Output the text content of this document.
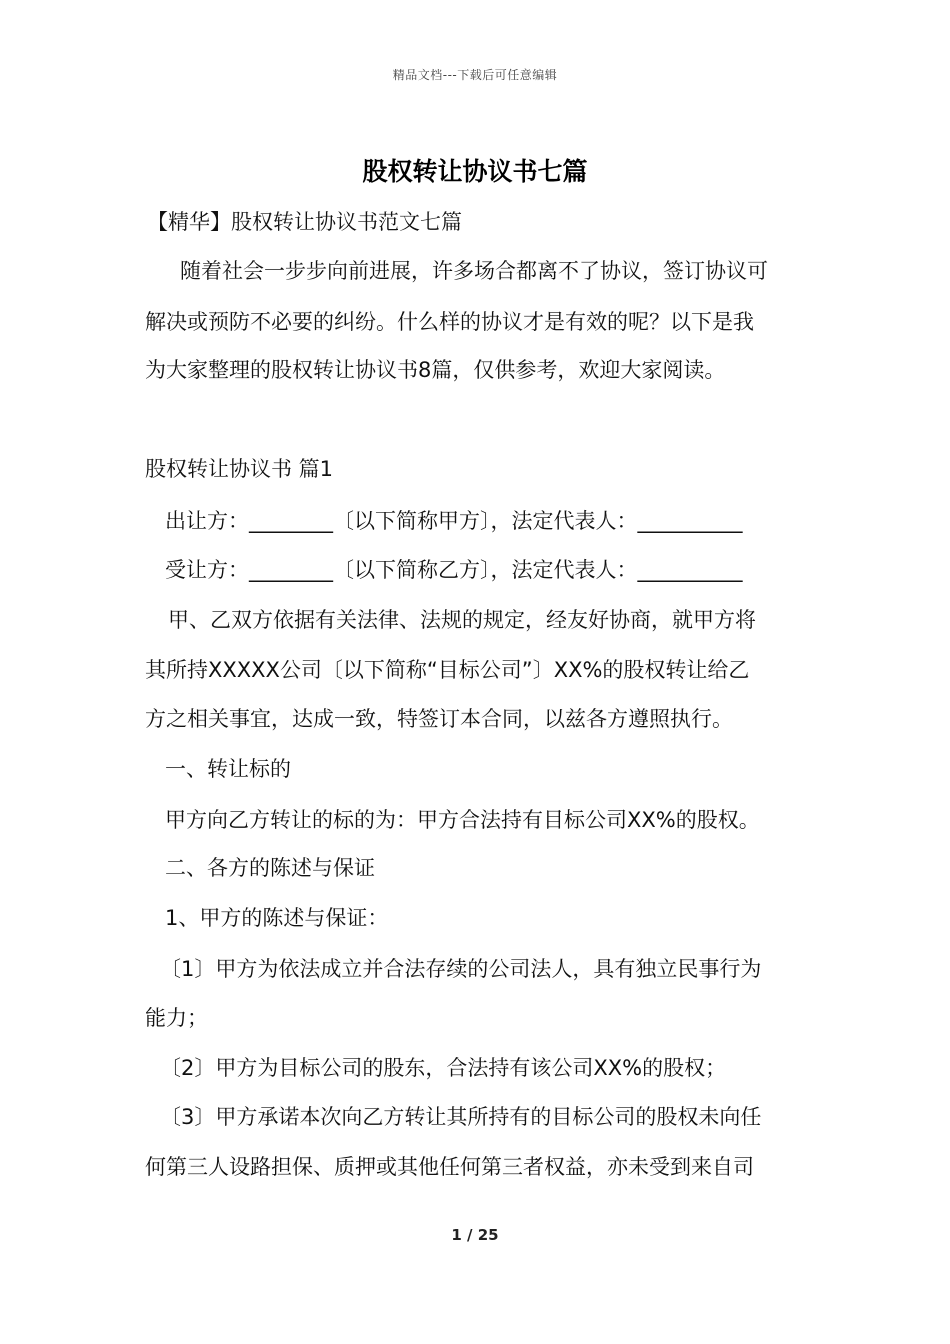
精品文档---下载后可任意编辑
股权转让协议书七篇
【精华】股权转让协议书范文七篇
随着社会一步步向前进展，许多场合都离不了协议，签订协议可
解决或预防不必要的纠纷。什么样的协议才是有效的呢？以下是我
为大家整理的股权转让协议书8篇，仅供参考，欢迎大家阅读。
股权转让协议书 篇1
出让方：________〔以下简称甲方〕，法定代表人：__________
受让方：________〔以下简称乙方〕，法定代表人：__________
甲、乙双方依据有关法律、法规的规定，经友好协商，就甲方将
其所持XXXXX公司〔以下简称“目标公司”〕XX%的股权转让给乙
方之相关事宜，达成一致，特签订本合同，以兹各方遵照执行。
一、转让标的
甲方向乙方转让的标的为：甲方合法持有目标公司XX%的股权。
二、各方的陈述与保证
1、甲方的陈述与保证：
〔1〕甲方为依法成立并合法存续的公司法人，具有独立民事行为
能力；
〔2〕甲方为目标公司的股东，合法持有该公司XX%的股权；
〔3〕甲方承诺本次向乙方转让其所持有的目标公司的股权未向任
何第三人设路担保、质押或其他任何第三者权益，亦未受到来自司
1 / 25
